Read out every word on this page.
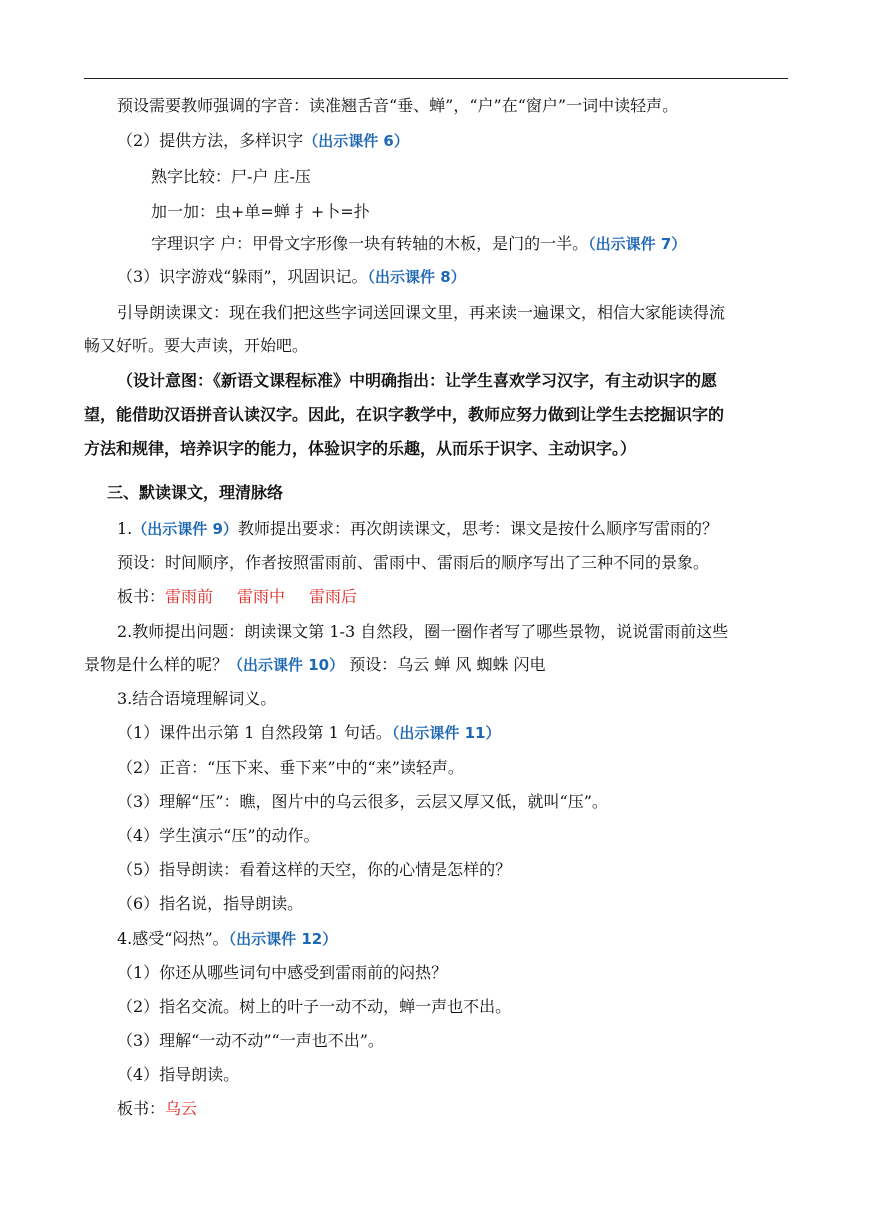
预设需要教师强调的字音：读准翘舌音“垂、蝉”，“户”在“窗户”一词中读轻声。
（2）提供方法，多样识字（出示课件 6）
熟字比较：尸-户 庄-压
加一加：虫+单=蝉 扌+卜=扑
字理识字 户：甲骨文字形像一块有转轴的木板，是门的一半。（出示课件 7）
（3）识字游戏“躲雨”，巩固识记。（出示课件 8）
引导朗读课文：现在我们把这些字词送回课文里，再来读一遍课文，相信大家能读得流
畅又好听。要大声读，开始吧。
（设计意图：《新语文课程标准》中明确指出：让学生喜欢学习汉字，有主动识字的愿
望，能借助汉语拼音认读汉字。因此，在识字教学中，教师应努力做到让学生去挖掘识字的
方法和规律，培养识字的能力，体验识字的乐趣，从而乐于识字、主动识字。）
三、默读课文，理清脉络
1.（出示课件 9）教师提出要求：再次朗读课文，思考：课文是按什么顺序写雷雨的？
预设：时间顺序，作者按照雷雨前、雷雨中、雷雨后的顺序写出了三种不同的景象。
板书：雷雨前 雷雨中 雷雨后
2.教师提出问题：朗读课文第 1-3 自然段，圈一圈作者写了哪些景物，说说雷雨前这些
景物是什么样的呢？（出示课件 10） 预设：乌云 蝉 风 蜘蛛 闪电
3.结合语境理解词义。
（1）课件出示第 1 自然段第 1 句话。（出示课件 11）
（2）正音：“压下来、垂下来”中的“来”读轻声。
（3）理解“压”：瞧，图片中的乌云很多，云层又厚又低，就叫“压”。
（4）学生演示“压”的动作。
（5）指导朗读：看着这样的天空，你的心情是怎样的？
（6）指名说，指导朗读。
4.感受“闷热”。（出示课件 12）
（1）你还从哪些词句中感受到雷雨前的闷热？
（2）指名交流。树上的叶子一动不动，蝉一声也不出。
（3）理解“一动不动”“一声也不出”。
（4）指导朗读。
板书：乌云
